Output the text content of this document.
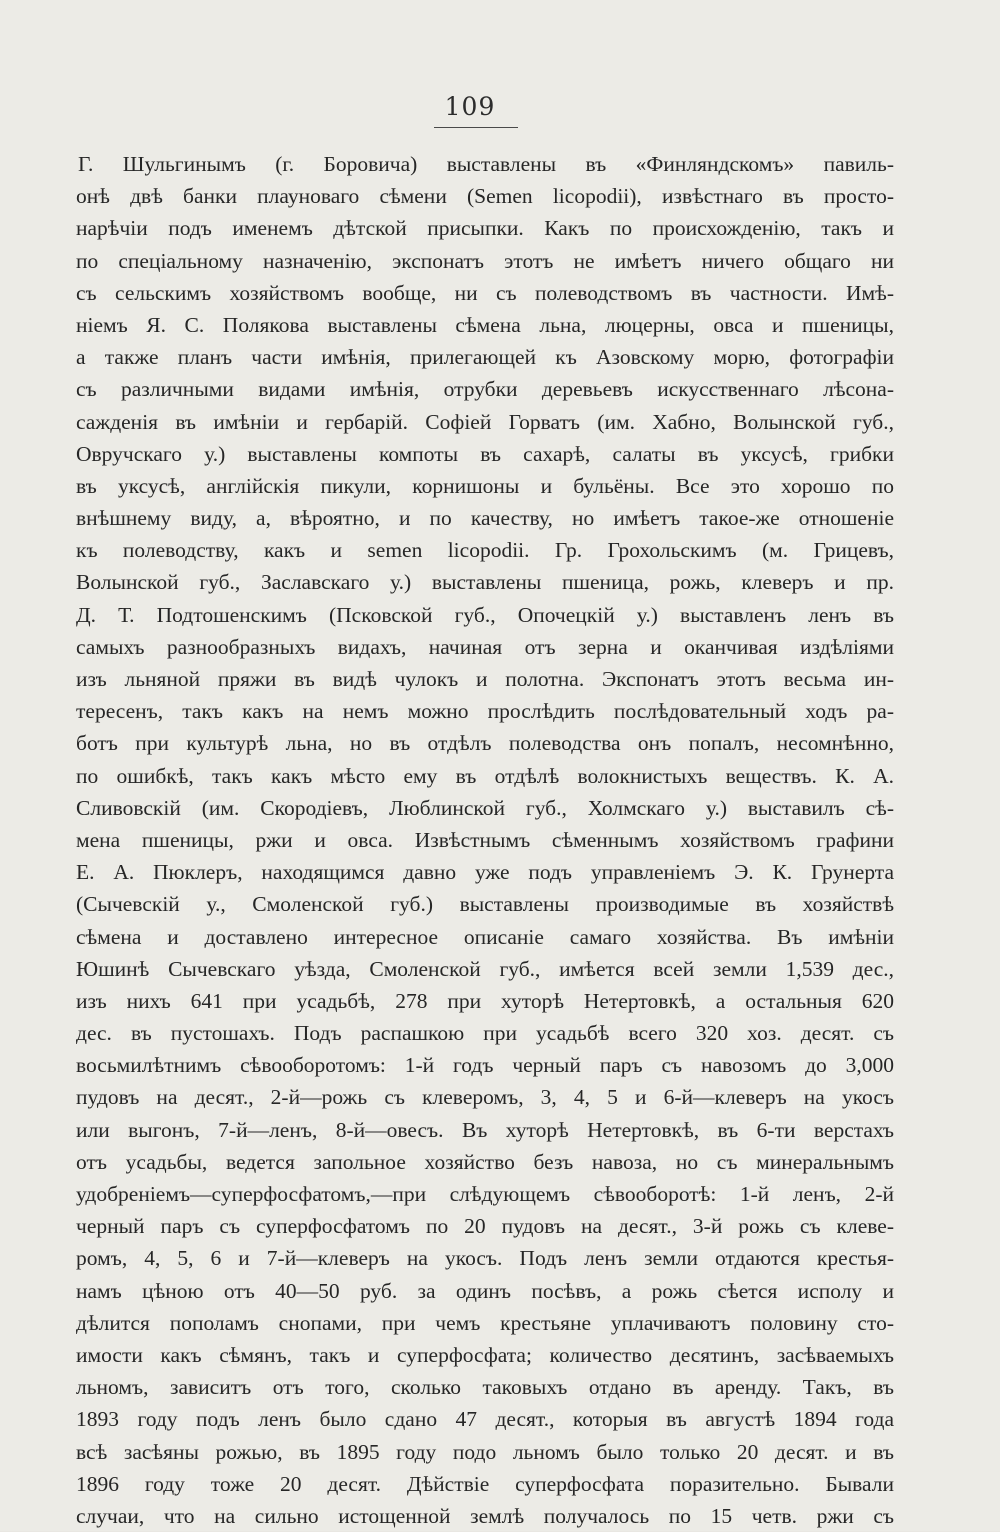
109
Г. Шульгинымъ (г. Боровича) выставлены въ «Финляндскомъ» павиль-
онѣ двѣ банки плауноваго сѣмени (Semen licopodii), извѣстнаго въ просто-
нарѣчіи подъ именемъ дѣтской присыпки. Какъ по происхожденію, такъ и
по спеціальному назначенію, экспонатъ этотъ не имѣетъ ничего общаго ни
съ сельскимъ хозяйствомъ вообще, ни съ полеводствомъ въ частности. Имѣ-
ніемъ Я. С. Полякова выставлены сѣмена льна, люцерны, овса и пшеницы,
а также планъ части имѣнія, прилегающей къ Азовскому морю, фотографіи
съ различными видами имѣнія, отрубки деревьевъ искусственнаго лѣсона-
сажденія въ имѣніи и гербарій. Софіей Горватъ (им. Хабно, Волынской губ.,
Овручскаго у.) выставлены компоты въ сахарѣ, салаты въ уксусѣ, грибки
въ уксусѣ, англійскія пикули, корнишоны и бульёны. Все это хорошо по
внѣшнему виду, а, вѣроятно, и по качеству, но имѣетъ такое-же отношеніе
къ полеводству, какъ и semen licopodii. Гр. Грохольскимъ (м. Грицевъ,
Волынской губ., Заславскаго у.) выставлены пшеница, рожь, клеверъ и пр.
Д. Т. Подтошенскимъ (Псковской губ., Опочецкій у.) выставленъ ленъ въ
самыхъ разнообразныхъ видахъ, начиная отъ зерна и оканчивая издѣліями
изъ льняной пряжи въ видѣ чулокъ и полотна. Экспонатъ этотъ весьма ин-
тересенъ, такъ какъ на немъ можно прослѣдить послѣдовательный ходъ ра-
ботъ при культурѣ льна, но въ отдѣлъ полеводства онъ попалъ, несомнѣнно,
по ошибкѣ, такъ какъ мѣсто ему въ отдѣлѣ волокнистыхъ веществъ. К. А.
Сливовскій (им. Скородіевъ, Люблинской губ., Холмскаго у.) выставилъ сѣ-
мена пшеницы, ржи и овса. Извѣстнымъ сѣменнымъ хозяйствомъ графини
Е. А. Пюклеръ, находящимся давно уже подъ управленіемъ Э. К. Грунерта
(Сычевскій у., Смоленской губ.) выставлены производимые въ хозяйствѣ
сѣмена и доставлено интересное описаніе самаго хозяйства. Въ имѣніи
Юшинѣ Сычевскаго уѣзда, Смоленской губ., имѣется всей земли 1,539 дес.,
изъ нихъ 641 при усадьбѣ, 278 при хуторѣ Нетертовкѣ, а остальныя 620
дес. въ пустошахъ. Подъ распашкою при усадьбѣ всего 320 хоз. десят. съ
восьмилѣтнимъ сѣвооборотомъ: 1-й годъ черный паръ съ навозомъ до 3,000
пудовъ на десят., 2-й—рожь съ клеверомъ, 3, 4, 5 и 6-й—клеверъ на укосъ
или выгонъ, 7-й—ленъ, 8-й—овесъ. Въ хуторѣ Нетертовкѣ, въ 6-ти верстахъ
отъ усадьбы, ведется запольное хозяйство безъ навоза, но съ минеральнымъ
удобреніемъ—суперфосфатомъ,—при слѣдующемъ сѣвооборотѣ: 1-й ленъ, 2-й
черный паръ съ суперфосфатомъ по 20 пудовъ на десят., 3-й рожь съ клеве-
ромъ, 4, 5, 6 и 7-й—клеверъ на укосъ. Подъ ленъ земли отдаются крестья-
намъ цѣною отъ 40—50 руб. за одинъ посѣвъ, а рожь сѣется исполу и
дѣлится пополамъ снопами, при чемъ крестьяне уплачиваютъ половину сто-
имости какъ сѣмянъ, такъ и суперфосфата; количество десятинъ, засѣваемыхъ
льномъ, зависитъ отъ того, сколько таковыхъ отдано въ аренду. Такъ, въ
1893 году подъ ленъ было сдано 47 десят., которыя въ августѣ 1894 года
всѣ засѣяны рожью, въ 1895 году подо льномъ было только 20 десят. и въ
1896 году тоже 20 десят. Дѣйствіе суперфосфата поразительно. Бывали
случаи, что на сильно истощенной землѣ получалось по 15 четв. ржи съ
